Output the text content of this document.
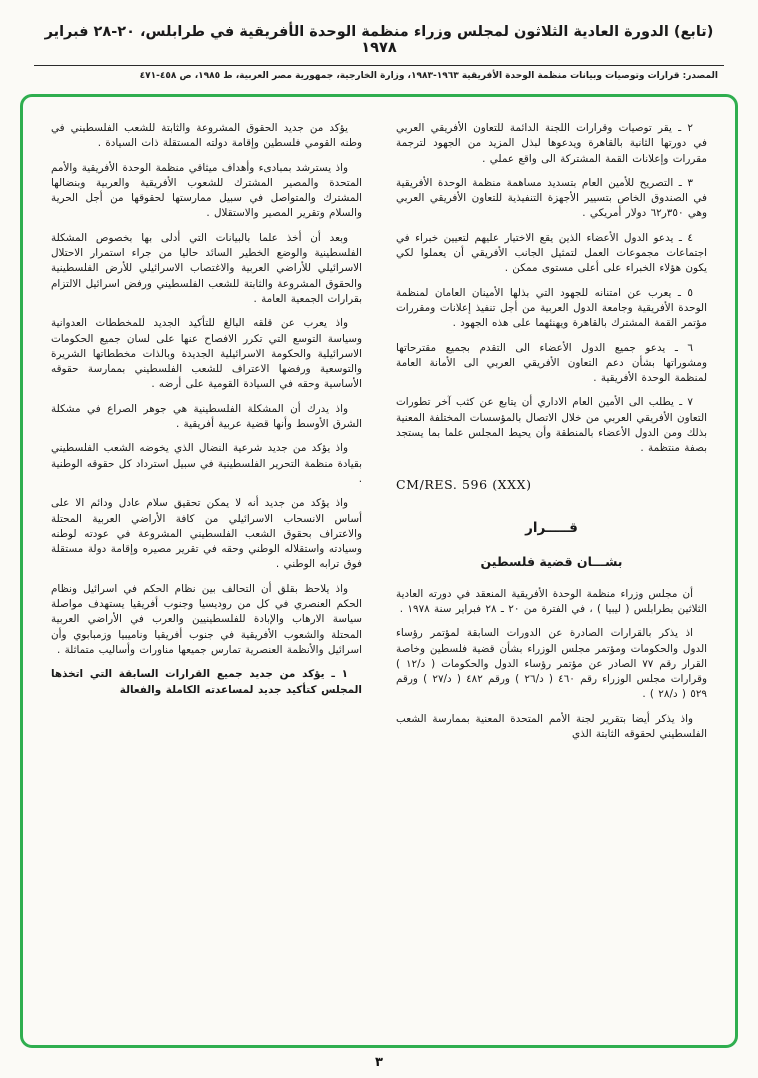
(تابع) الدورة العادية الثلاثون لمجلس وزراء منظمة الوحدة الأفريقية في طرابلس، ٢٠-٢٨ فبراير ١٩٧٨
المصدر: قرارات وتوصيات وبيانات منظمة الوحدة الأفريقية ١٩٦٣-١٩٨٣، وزارة الخارجية، جمهورية مصر العربية، ط ١٩٨٥، ص ٤٥٨-٤٧١

٢ ـ يقر توصيات وقرارات اللجنة الدائمة للتعاون الأفريقي العربي في دورتها الثانية بالقاهرة ويدعوها لبذل المزيد من الجهود لترجمة مقررات وإعلانات القمة المشتركة الى واقع عملي .

٣ ـ التصريح للأمين العام بتسديد مساهمة منظمة الوحدة الأفريقية في الصندوق الخاص بتسيير الأجهزة التنفيذية للتعاون الأفريقي العربي وهي ٣٥٠ر٦٢ دولار أمريكي .

٤ ـ يدعو الدول الأعضاء الذين يقع الاختيار عليهم لتعيين خبراء في اجتماعات مجموعات العمل لتمثيل الجانب الأفريقي أن يعملوا لكي يكون هؤلاء الخبراء على أعلى مستوى ممكن .

٥ ـ يعرب عن امتنانه للجهود التي بذلها الأمينان العامان لمنظمة الوحدة الأفريقية وجامعة الدول العربية من أجل تنفيذ إعلانات ومقررات مؤتمر القمة المشترك بالقاهرة ويهنئهما على هذه الجهود .

٦ ـ يدعو جميع الدول الأعضاء الى التقدم بجميع مقترحاتها ومشوراتها بشأن دعم التعاون الأفريقي العربي الى الأمانة العامة لمنظمة الوحدة الأفريقية .

٧ ـ يطلب الى الأمين العام الاداري أن يتابع عن كثب آخر تطورات التعاون الأفريقي العربي من خلال الاتصال بالمؤسسات المختلفة المعنية بذلك ومن الدول الأعضاء بالمنطقة وأن يحيط المجلس علما بما يستجد بصفة منتظمة .

CM/RES. 596 (XXX)
قـــــرار
بشـــان قضية فلسطين

أن مجلس وزراء منظمة الوحدة الأفريقية المنعقد في دورته العادية الثلاثين بطرابلس ( ليبيا ) ، في الفترة من ٢٠ ـ ٢٨ فبراير سنة ١٩٧٨ .

اذ يذكر بالقرارات الصادرة عن الدورات السابقة لمؤتمر رؤساء الدول والحكومات ومؤتمر مجلس الوزراء بشأن قضية فلسطين وخاصة القرار رقم ٧٧ الصادر عن مؤتمر رؤساء الدول والحكومات ( د/١٢ ) وقرارات مجلس الوزراء رقم ٤٦٠ ( د/٢٦ ) ورقم ٤٨٢ ( د/٢٧ ) ورقم ٥٢٩ ( د/٢٨ ) .

واذ يذكر أيضا بتقرير لجنة الأمم المتحدة المعنية بممارسة الشعب الفلسطيني لحقوقه الثابتة الذي

يؤكد من جديد الحقوق المشروعة والثابتة للشعب الفلسطيني في وطنه القومي فلسطين وإقامة دولته المستقلة ذات السيادة .

واذ يسترشد بمبادىء وأهداف ميثاقي منظمة الوحدة الأفريقية والأمم المتحدة والمصير المشترك للشعوب الأفريقية والعربية وبنضالها المشترك والمتواصل في سبيل ممارستها لحقوقها من أجل الحرية والسلام وتقرير المصير والاستقلال .

وبعد أن أخذ علما بالبيانات التي أدلى بها بخصوص المشكلة الفلسطينية والوضع الخطير السائد حاليا من جراء استمرار الاحتلال الاسرائيلي للأراضي العربية والاغتصاب الاسرائيلي للأرض الفلسطينية والحقوق المشروعة والثابتة للشعب الفلسطيني ورفض اسرائيل الالتزام بقرارات الجمعية العامة .

واذ يعرب عن قلقه البالغ للتأكيد الجديد للمخططات العدوانية وسياسة التوسع التي تكرر الافصاح عنها على لسان جميع الحكومات الاسرائيلية والحكومة الاسرائيلية الجديدة وبالذات مخططاتها الشريرة والتوسعية ورفضها الاعتراف للشعب الفلسطيني بممارسة حقوقه الأساسية وحقه في السيادة القومية على أرضه .

واذ يدرك أن المشكلة الفلسطينية هي جوهر الصراع في مشكلة الشرق الأوسط وأنها قضية عربية أفريقية .

واذ يؤكد من جديد شرعية النضال الذي يخوضه الشعب الفلسطيني بقيادة منظمة التحرير الفلسطينية في سبيل استرداد كل حقوقه الوطنية .

واذ يؤكد من جديد أنه لا يمكن تحقيق سلام عادل ودائم الا على أساس الانسحاب الاسرائيلي من كافة الأراضي العربية المحتلة والاعتراف بحقوق الشعب الفلسطيني المشروعة في عودته لوطنه وسيادته واستقلاله الوطني وحقه في تقرير مصيره وإقامة دولة مستقلة فوق ترابه الوطني .

واذ يلاحظ بقلق أن التحالف بين نظام الحكم في اسرائيل ونظام الحكم العنصري في كل من روديسيا وجنوب أفريقيا يستهدف مواصلة سياسة الارهاب والإبادة للفلسطينيين والعرب في الأراضي العربية المحتلة والشعوب الأفريقية في جنوب أفريقيا وناميبيا وزمبابوي وأن اسرائيل والأنظمة العنصرية تمارس جميعها مناورات وأساليب متماثلة .

١ ـ يؤكد من جديد جميع القرارات السابقة التي اتخذها المجلس كتأكيد جديد لمساعدته الكاملة والفعالة

٣
